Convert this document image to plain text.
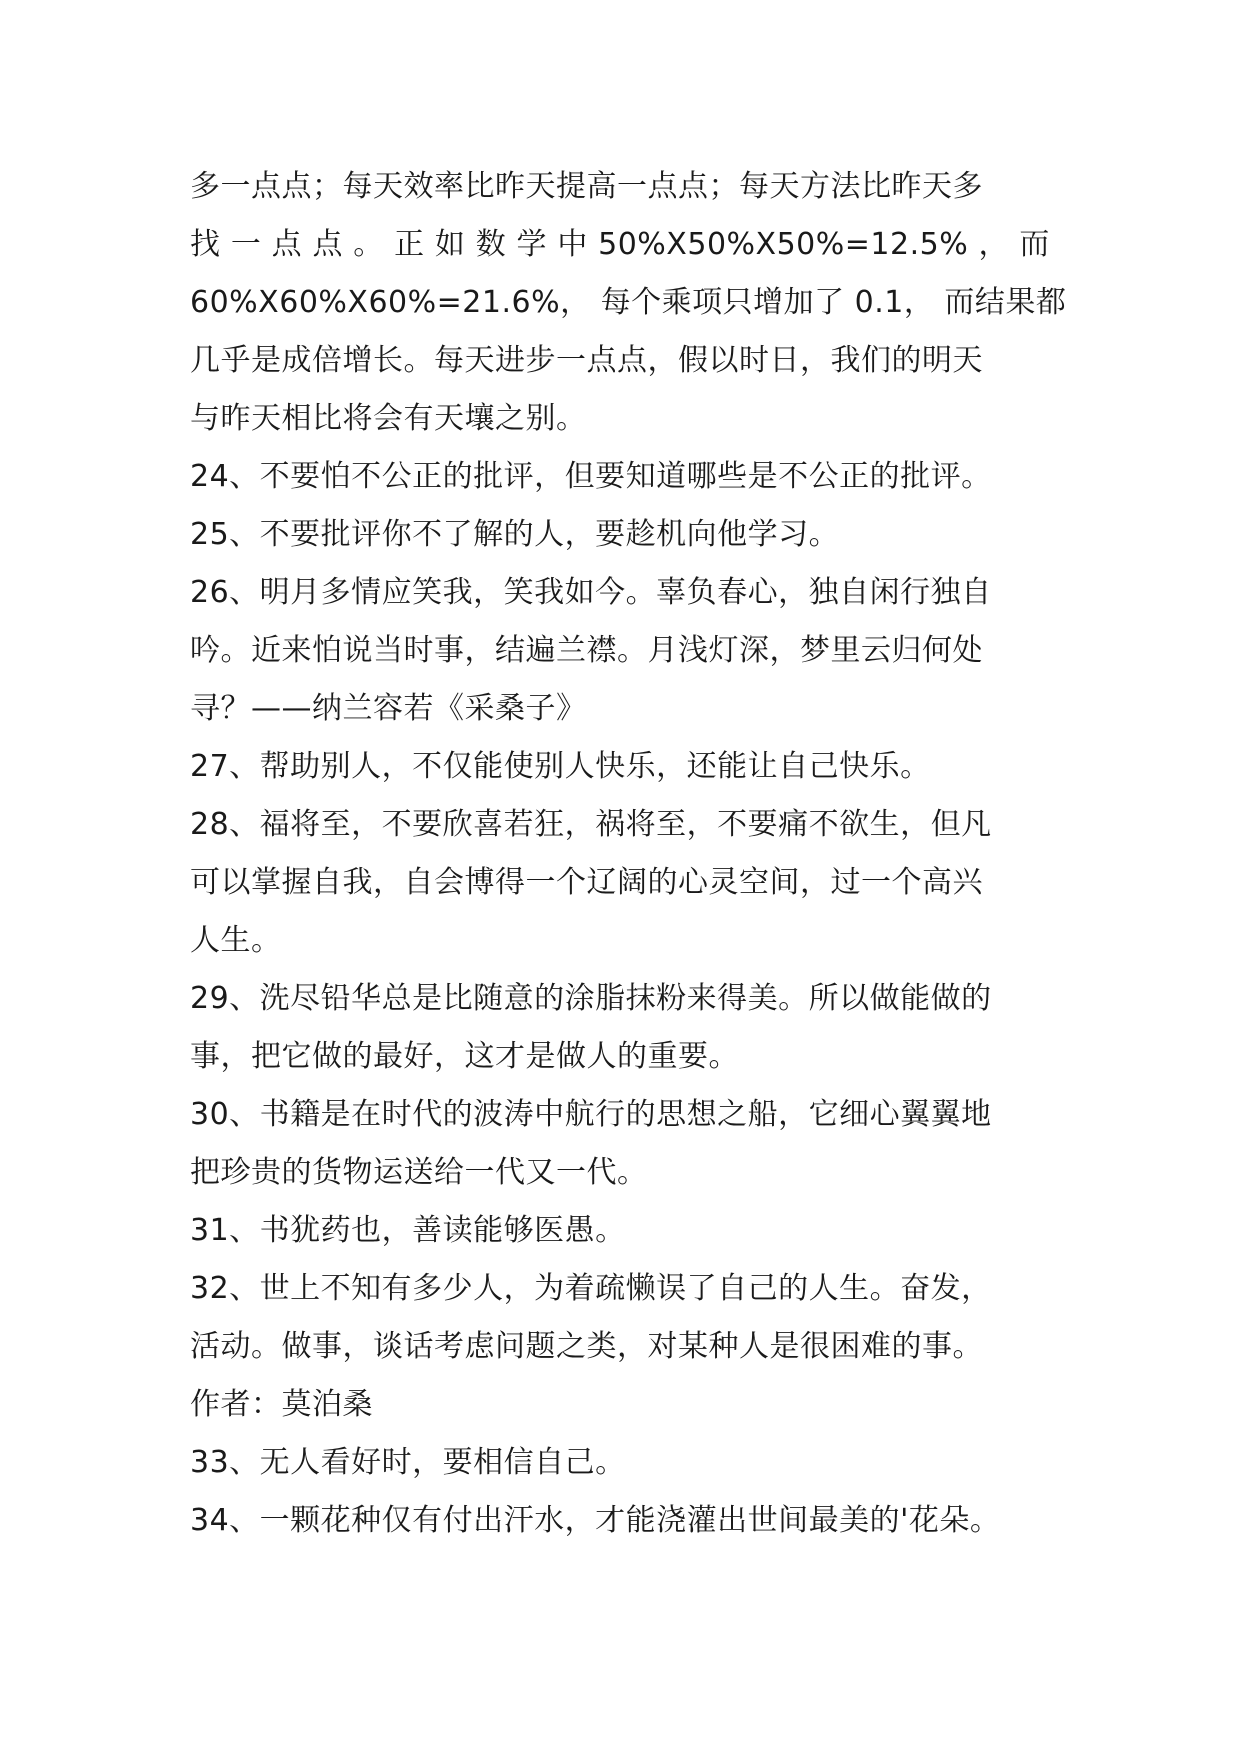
多一点点；每天效率比昨天提高一点点；每天方法比昨天多
找 一 点 点 。 正 如 数 学 中 50%X50%X50%=12.5% ， 而
60%X60%X60%=21.6%， 每个乘项只增加了 0.1， 而结果都
几乎是成倍增长。每天进步一点点，假以时日，我们的明天
与昨天相比将会有天壤之别。
24、不要怕不公正的批评，但要知道哪些是不公正的批评。
25、不要批评你不了解的人，要趁机向他学习。
26、明月多情应笑我，笑我如今。辜负春心，独自闲行独自
吟。近来怕说当时事，结遍兰襟。月浅灯深，梦里云归何处
寻？——纳兰容若《采桑子》
27、帮助别人，不仅能使别人快乐，还能让自己快乐。
28、福将至，不要欣喜若狂，祸将至，不要痛不欲生，但凡
可以掌握自我，自会博得一个辽阔的心灵空间，过一个高兴
人生。
29、洗尽铅华总是比随意的涂脂抹粉来得美。所以做能做的
事，把它做的最好，这才是做人的重要。
30、书籍是在时代的波涛中航行的思想之船，它细心翼翼地
把珍贵的货物运送给一代又一代。
31、书犹药也，善读能够医愚。
32、世上不知有多少人，为着疏懒误了自己的人生。奋发，
活动。做事，谈话考虑问题之类，对某种人是很困难的事。
作者：莫泊桑
33、无人看好时，要相信自己。
34、一颗花种仅有付出汗水，才能浇灌出世间最美的'花朵。
